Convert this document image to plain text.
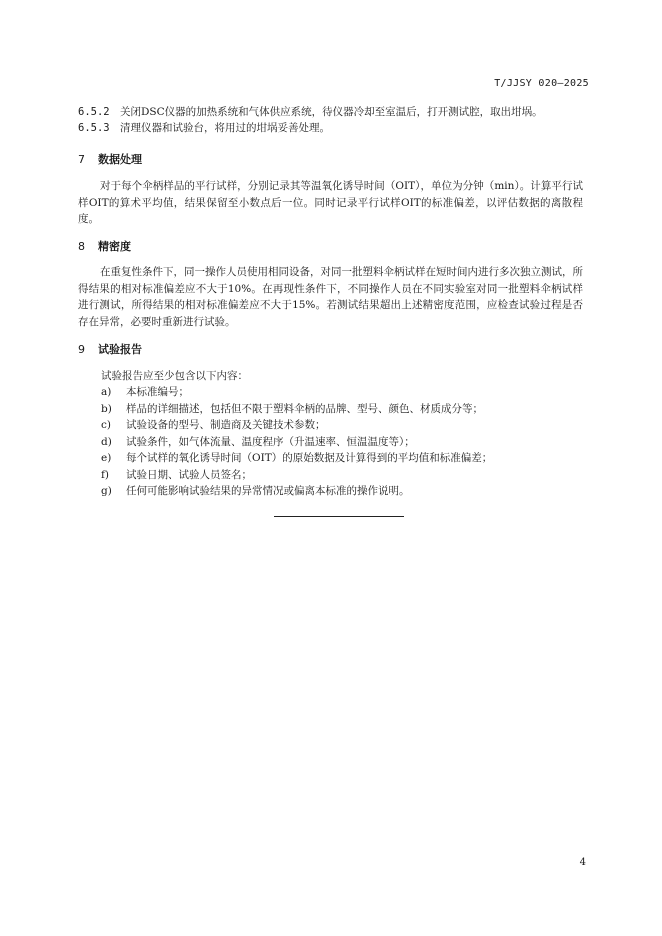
T/JJSY 020—2025
6.5.2 关闭DSC仪器的加热系统和气体供应系统，待仪器冷却至室温后，打开测试腔，取出坩埚。
6.5.3 清理仪器和试验台，将用过的坩埚妥善处理。
7 数据处理

对于每个伞柄样品的平行试样，分别记录其等温氧化诱导时间（OIT），单位为分钟（min）。计算平行试样OIT的算术平均值，结果保留至小数点后一位。同时记录平行试样OIT的标准偏差，以评估数据的离散程度。

8 精密度

在重复性条件下，同一操作人员使用相同设备，对同一批塑料伞柄试样在短时间内进行多次独立测试，所得结果的相对标准偏差应不大于10%。在再现性条件下，不同操作人员在不同实验室对同一批塑料伞柄试样进行测试，所得结果的相对标准偏差应不大于15%。若测试结果超出上述精密度范围，应检查试验过程是否存在异常，必要时重新进行试验。

9 试验报告
试验报告应至少包含以下内容：
a) 本标准编号；
b) 样品的详细描述，包括但不限于塑料伞柄的品牌、型号、颜色、材质成分等；
c) 试验设备的型号、制造商及关键技术参数；
d) 试验条件，如气体流量、温度程序（升温速率、恒温温度等）；
e) 每个试样的氧化诱导时间（OIT）的原始数据及计算得到的平均值和标准偏差；
f) 试验日期、试验人员签名；
g) 任何可能影响试验结果的异常情况或偏离本标准的操作说明。
4
